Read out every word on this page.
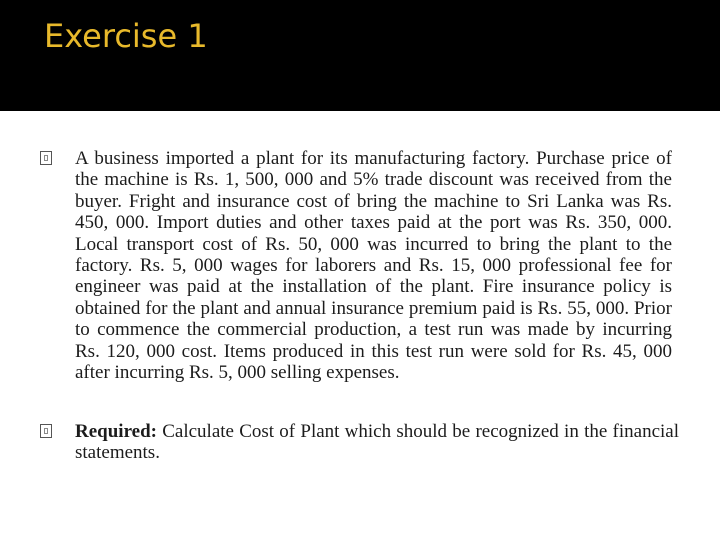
Exercise 1

A business imported a plant for its manufacturing factory. Purchase price of the machine is Rs. 1, 500, 000 and 5% trade discount was received from the buyer. Fright and insurance cost of bring the machine to Sri Lanka was Rs. 450, 000. Import duties and other taxes paid at the port was Rs. 350, 000. Local transport cost of Rs. 50, 000 was incurred to bring the plant to the factory. Rs. 5, 000 wages for laborers and Rs. 15, 000 professional fee for engineer was paid at the installation of the plant. Fire insurance policy is obtained for the plant and annual insurance premium paid is Rs. 55, 000. Prior to commence the commercial production, a test run was made by incurring Rs. 120, 000 cost. Items produced in this test run were sold for Rs. 45, 000 after incurring Rs. 5, 000 selling expenses.

Required: Calculate Cost of Plant which should be recognized in the financial statements.
